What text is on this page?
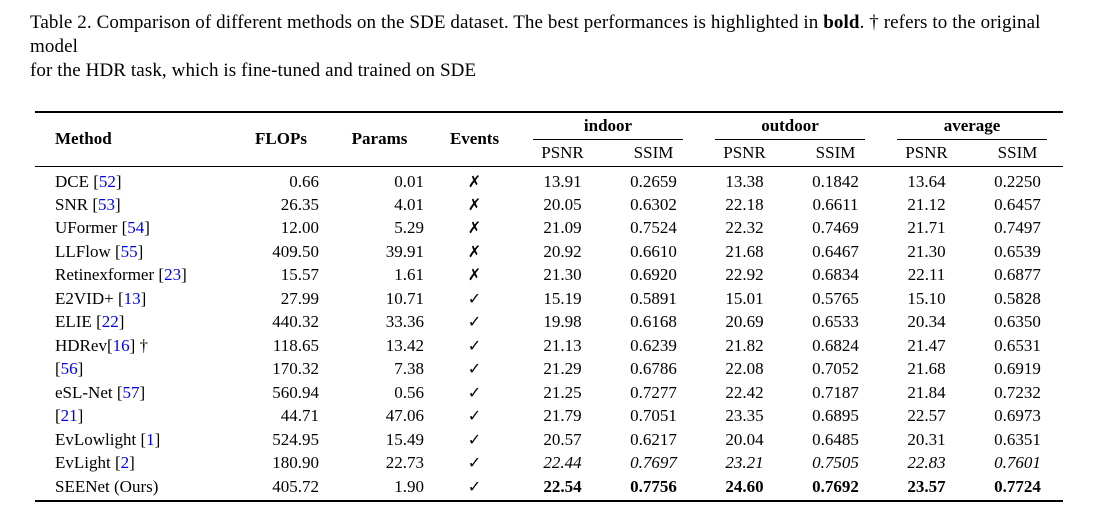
Table 2. Comparison of different methods on the SDE dataset. The best performances is highlighted in bold. † refers to the original model
for the HDR task, which is fine-tuned and trained on SDE
Method	FLOPs	Params	Events	indoor		outdoor		average	

				PSNR	SSIM	PSNR	SSIM	PSNR	SSIM
DCE [52]	0.66	0.01	✗	13.91	0.2659	13.38	0.1842	13.64	0.2250
SNR [53]	26.35	4.01	✗	20.05	0.6302	22.18	0.6611	21.12	0.6457
UFormer [54]	12.00	5.29	✗	21.09	0.7524	22.32	0.7469	21.71	0.7497
LLFlow [55]	409.50	39.91	✗	20.92	0.6610	21.68	0.6467	21.30	0.6539
Retinexformer [23]	15.57	1.61	✗	21.30	0.6920	22.92	0.6834	22.11	0.6877
E2VID+ [13]	27.99	10.71	✓	15.19	0.5891	15.01	0.5765	15.10	0.5828
ELIE [22]	440.32	33.36	✓	19.98	0.6168	20.69	0.6533	20.34	0.6350
HDRev[16] †	118.65	13.42	✓	21.13	0.6239	21.82	0.6824	21.47	0.6531
[56]	170.32	7.38	✓	21.29	0.6786	22.08	0.7052	21.68	0.6919
eSL-Net [57]	560.94	0.56	✓	21.25	0.7277	22.42	0.7187	21.84	0.7232
[21]	44.71	47.06	✓	21.79	0.7051	23.35	0.6895	22.57	0.6973
EvLowlight [1]	524.95	15.49	✓	20.57	0.6217	20.04	0.6485	20.31	0.6351
EvLight [2]	180.90	22.73	✓	22.44	0.7697	23.21	0.7505	22.83	0.7601
SEENet (Ours)	405.72	1.90	✓	22.54	0.7756	24.60	0.7692	23.57	0.7724
